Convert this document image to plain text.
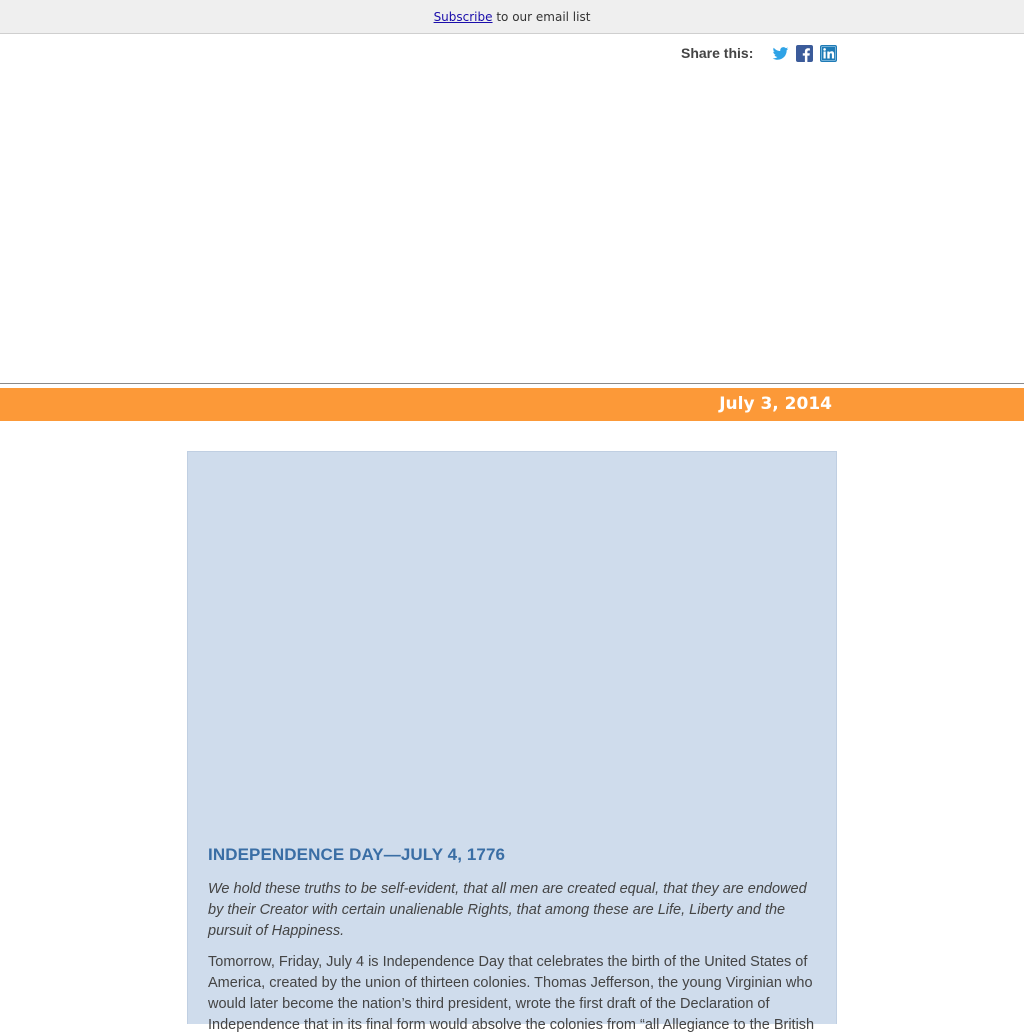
Subscribe to our email list
Share this:
July 3, 2014
INDEPENDENCE DAY—JULY 4, 1776
We hold these truths to be self-evident, that all men are created equal, that they are endowed by their Creator with certain unalienable Rights, that among these are Life, Liberty and the pursuit of Happiness.
Tomorrow, Friday, July 4 is Independence Day that celebrates the birth of the United States of America, created by the union of thirteen colonies. Thomas Jefferson, the young Virginian who would later become the nation’s third president, wrote the first draft of the Declaration of Independence that in its final form would absolve the colonies from “all Allegiance to the British
